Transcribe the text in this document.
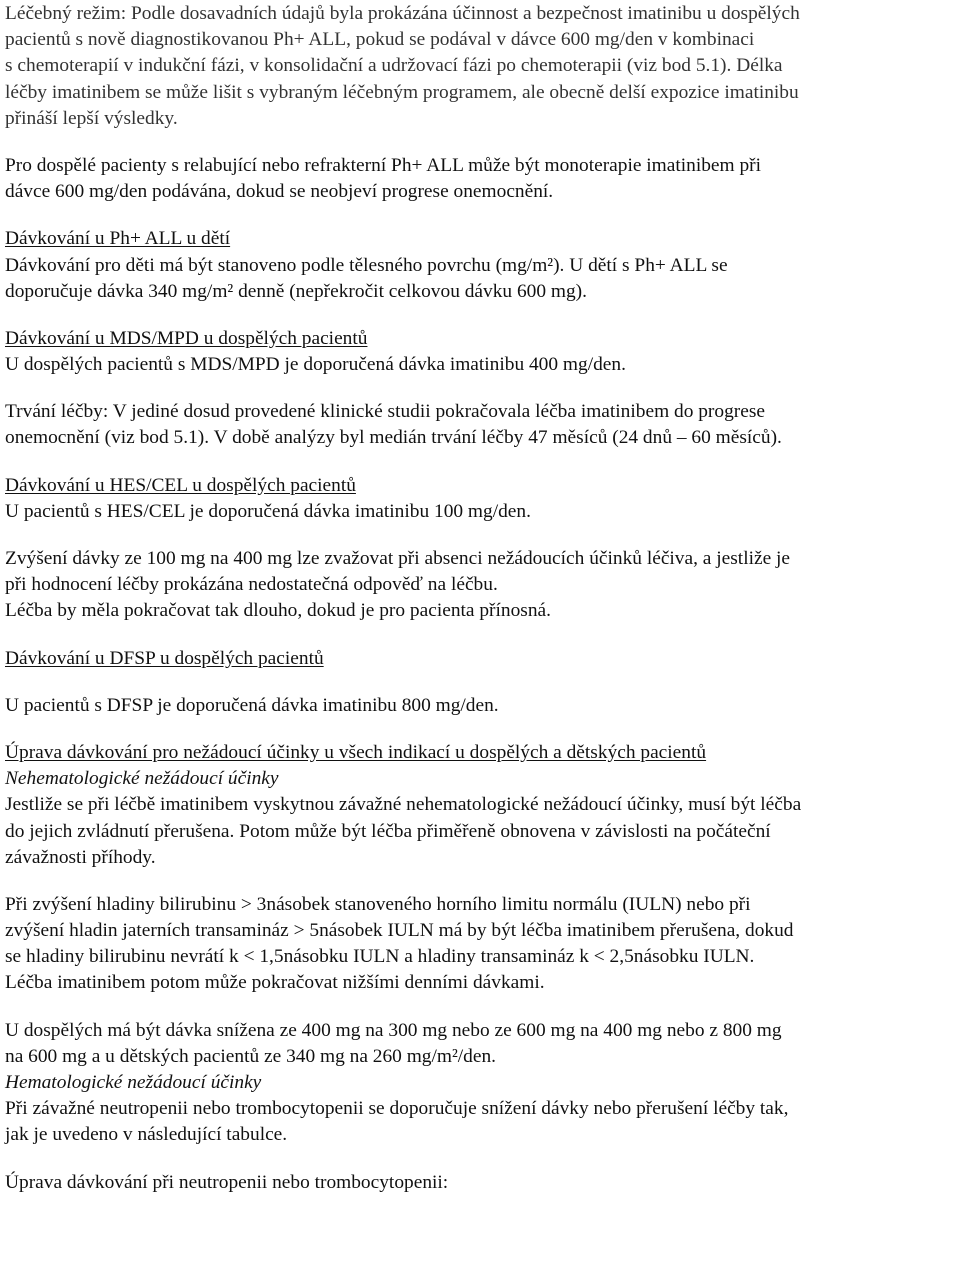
Léčebný režim: Podle dosavadních údajů byla prokázána účinnost a bezpečnost imatinibu u dospělých
pacientů s nově diagnostikovanou Ph+ ALL, pokud se podával v dávce 600 mg/den v kombinaci
s chemoterapií v indukční fázi, v konsolidační a udržovací fázi po chemoterapii (viz bod 5.1). Délka
léčby imatinibem se může lišit s vybraným léčebným programem, ale obecně delší expozice imatinibu
přináší lepší výsledky.
Pro dospělé pacienty s relabující nebo refrakterní Ph+ ALL může být monoterapie imatinibem při
dávce 600 mg/den podávána, dokud se neobjeví progrese onemocnění.
Dávkování u Ph+ ALL u dětí
Dávkování pro děti má být stanoveno podle tělesného povrchu (mg/m²). U dětí s Ph+ ALL se
doporučuje dávka 340 mg/m² denně (nepřekročit celkovou dávku 600 mg).
Dávkování u MDS/MPD u dospělých pacientů
U dospělých pacientů s MDS/MPD je doporučená dávka imatinibu 400 mg/den.
Trvání léčby: V jediné dosud provedené klinické studii pokračovala léčba imatinibem do progrese
onemocnění (viz bod 5.1). V době analýzy byl medián trvání léčby 47 měsíců (24 dnů – 60 měsíců).
Dávkování u HES/CEL u dospělých pacientů
U pacientů s HES/CEL je doporučená dávka imatinibu 100 mg/den.
Zvýšení dávky ze 100 mg na 400 mg lze zvažovat při absenci nežádoucích účinků léčiva, a jestliže je
při hodnocení léčby prokázána nedostatečná odpověď na léčbu.
Léčba by měla pokračovat tak dlouho, dokud je pro pacienta přínosná.
Dávkování u DFSP u dospělých pacientů
U pacientů s DFSP je doporučená dávka imatinibu 800 mg/den.
Úprava dávkování pro nežádoucí účinky u všech indikací u dospělých a dětských pacientů
Nehematologické nežádoucí účinky
Jestliže se při léčbě imatinibem vyskytnou závažné nehematologické nežádoucí účinky, musí být léčba
do jejich zvládnutí přerušena. Potom může být léčba přiměřeně obnovena v závislosti na počáteční
závažnosti příhody.
Při zvýšení hladiny bilirubinu > 3násobek stanoveného horního limitu normálu (IULN) nebo při
zvýšení hladin jaterních transamináz > 5násobek IULN má by být léčba imatinibem přerušena, dokud
se hladiny bilirubinu nevrátí k < 1,5násobku IULN a hladiny transamináz k < 2,5násobku IULN.
Léčba imatinibem potom může pokračovat nižšími denními dávkami.
U dospělých má být dávka snížena ze 400 mg na 300 mg nebo ze 600 mg na 400 mg nebo z 800 mg
na 600 mg a u dětských pacientů ze 340 mg na 260 mg/m²/den.
Hematologické nežádoucí účinky
Při závažné neutropenii nebo trombocytopenii se doporučuje snížení dávky nebo přerušení léčby tak,
jak je uvedeno v následující tabulce.
Úprava dávkování při neutropenii nebo trombocytopenii:
